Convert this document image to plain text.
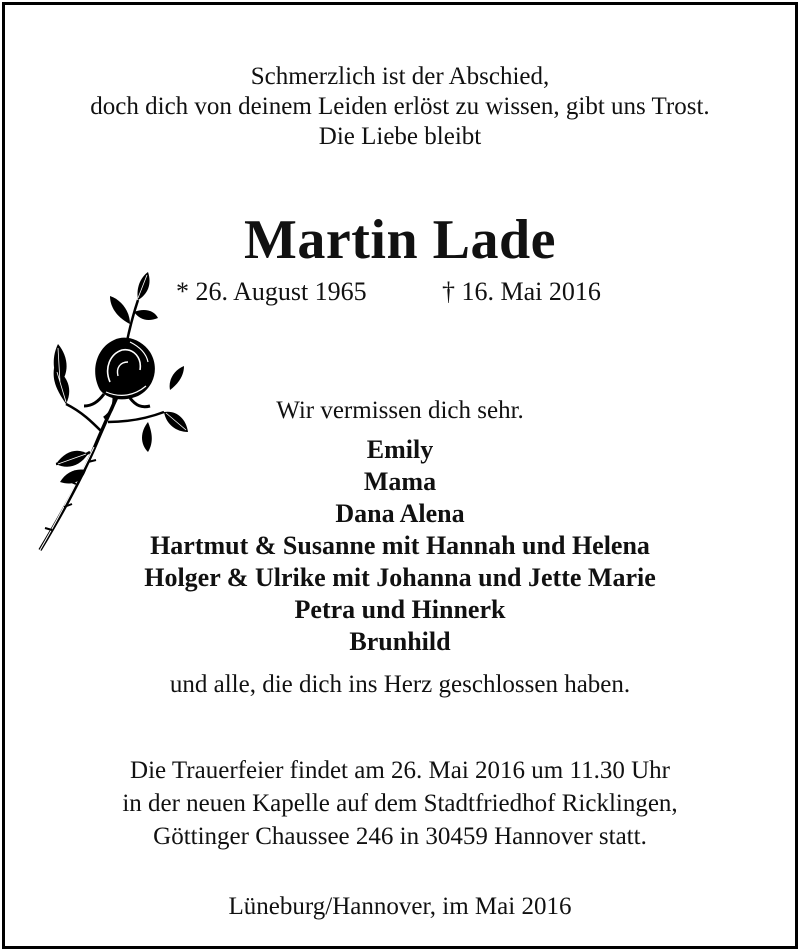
Schmerzlich ist der Abschied,
doch dich von deinem Leiden erlöst zu wissen, gibt uns Trost.
Die Liebe bleibt
Martin Lade
* 26. August 1965	† 16. Mai 2016
Wir vermissen dich sehr.
Emily
Mama
Dana Alena
Hartmut & Susanne mit Hannah und Helena
Holger & Ulrike mit Johanna und Jette Marie
Petra und Hinnerk
Brunhild
und alle, die dich ins Herz geschlossen haben.
Die Trauerfeier findet am 26. Mai 2016 um 11.30 Uhr
in der neuen Kapelle auf dem Stadtfriedhof Ricklingen,
Göttinger Chaussee 246 in 30459 Hannover statt.
Lüneburg/Hannover, im Mai 2016
